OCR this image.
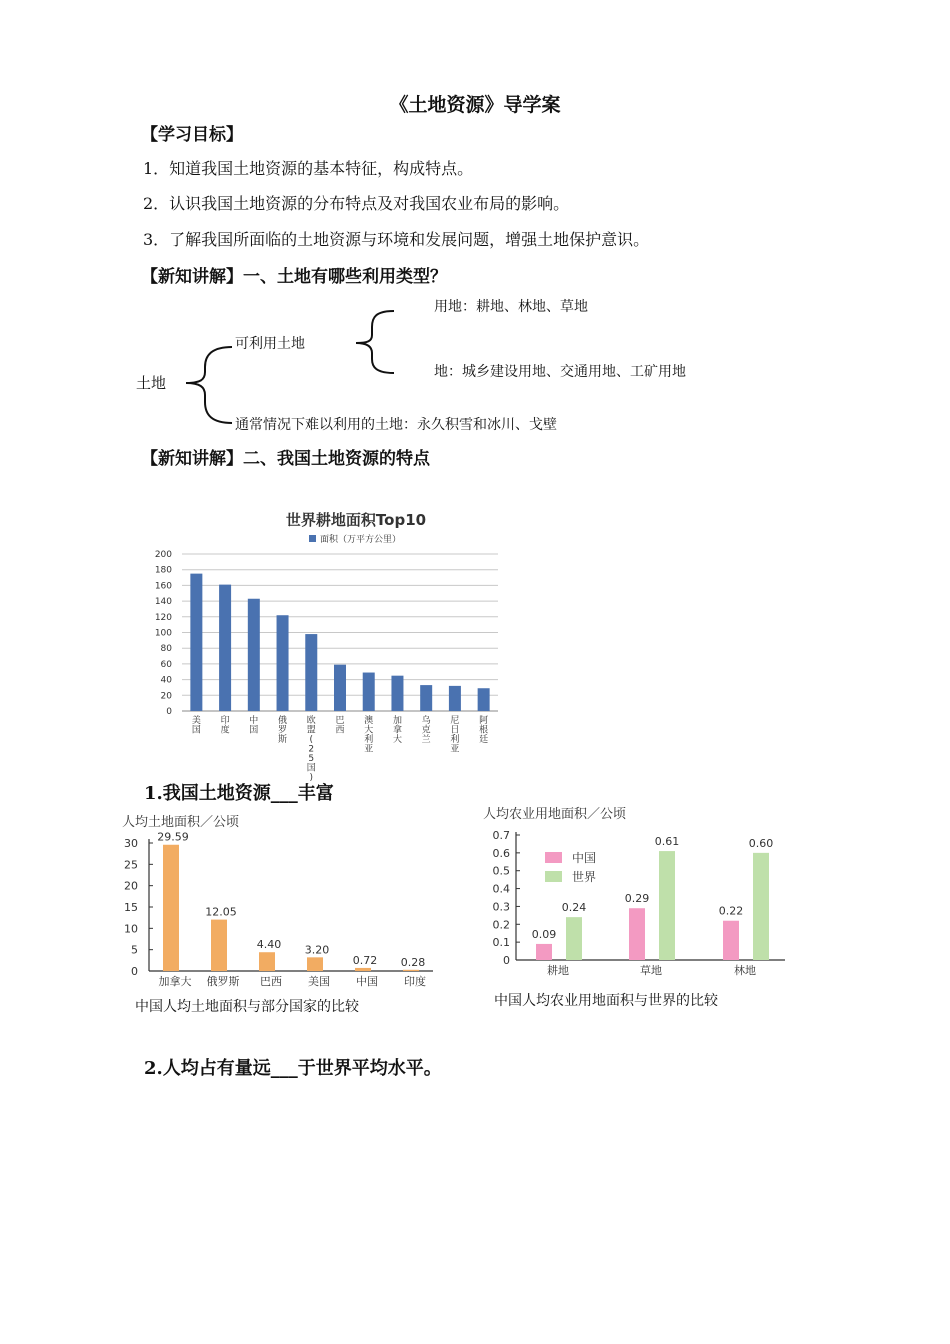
《土地资源》导学案
【学习目标】
1．知道我国土地资源的基本特征，构成特点。
2．认识我国土地资源的分布特点及对我国农业布局的影响。
3．了解我国所面临的土地资源与环境和发展问题，增强土地保护意识。
【新知讲解】一、土地有哪些利用类型？
土地
可利用土地
用地：耕地、林地、草地
地：城乡建设用地、交通用地、工矿用地
通常情况下难以利用的土地：永久积雪和冰川、戈壁
【新知讲解】二、我国土地资源的特点
世界耕地面积Top10
面积（万平方公里）
0
20
40
60
80
100
120
140
160
180
200
美国
印度
中国
俄罗斯
欧盟( 2 5 国)
巴西
澳大利亚
加拿大
乌克兰
尼日利亚
阿根廷
1.我国土地资源___丰富
人均土地面积／公顷
0
5
10
15
20
25
30 29.59
12.05
4.40 3.20
0.72 0.28
加拿大 俄罗斯 巴西 美国 中国 印度
中国人均土地面积与部分国家的比较
人均农业用地面积／公顷
0
0.1
0.2
0.3
0.4
0.5
0.6
0.7
0.09
0.24
0.29
0.61
0.22
0.60
耕地	草地	林地
中国
世界
中国人均农业用地面积与世界的比较
2.人均占有量远___于世界平均水平。
